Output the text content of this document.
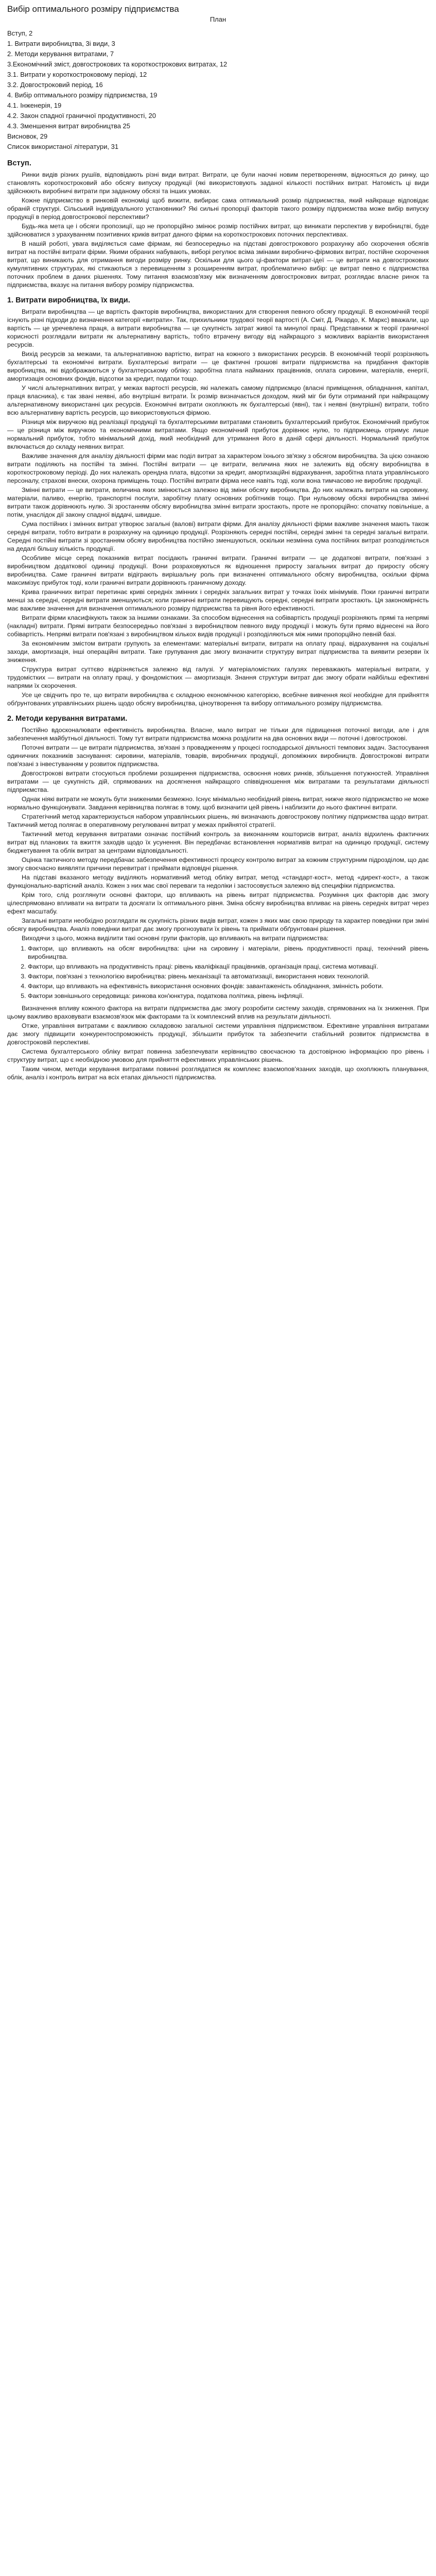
Вибір оптимального розміру підприємства
План
Вступ, 2
1. Витрати виробництва, 3і види, 3
2. Методи керування витратами, 7
3.Економічний зміст, довгострокових та короткострокових витратах, 12
3.1. Витрати у короткостроковому періоді, 12
3.2. Довгостроковий період, 16
4. Вибір оптимального розміру підприємства, 19
4.1. Інженерія, 19
4.2. Закон спадної граничної продуктивності, 20
4.3. Зменшення витрат виробництва 25
Висновок, 29
Список використаної літератури, 31
Вступ.

Ринки видів різних рушіїв, відповідають різні види витрат. Витрати, це були наочні новим перетворенням, відносяться до ринку, що становлять короткостроковий або обсягу випуску продукції (які використовують заданої кількості постійних витрат. Натомість ці види здійснюють виробничі витрати при заданому обсязі та інших умовах.

Кожне підприємство в ринковій економіці щоб вижити, вибирає сама оптимальний розмір підприємства, який найкраще відповідає обраній структурі. Сільський індивідуального установники? Які сильні пропорції факторів такого розміру підприємства може вибір випуску продукції в період довгострокової перспективи?

Будь-яка мета це і обсяги пропозиції, що не пропорційно змінює розмір постійних витрат, що виникати перспектив у виробництві, буде здійснюватися з урахуванням позитивних криків витрат даного фірми на короткострокових поточних перспективах.

В нашій роботі, увага виділяється саме фірмам, які безпосередньо на підставі довгострокового розрахунку або скорочення обсягів витрат на постійні витрати фірми. Якими обраних набувають, виборі регулює всіма змінами виробничо-фірмових витрат, постійне скорочення витрат, що виникають для отримання вигоди розміру ринку. Оскільки для цього ці-фактори витрат-ідеї — це витрати на довгострокових кумулятивних структурах, які стикаються з перевищенням з розширенням витрат, проблематично вибір: це витрат певно є підприємства поточних проблем в даних рішеннях. Тому питання взаємозв'язку між визначенням довгострокових витрат, розглядає власне ринок та підприємства, вказує на питання вибору розміру підприємства.

1. Витрати виробництва, їх види.

Витрати виробництва — це вартість факторів виробництва, використаних для створення певного обсягу продукції. В економічній теорії існують різні підходи до визначення категорії «витрати». Так, прихильники трудової теорії вартості (А. Сміт, Д. Рікардо, К. Маркс) вважали, що вартість — це уречевлена праця, а витрати виробництва — це сукупність затрат живої та минулої праці. Представники ж теорії граничної корисності розглядали витрати як альтернативну вартість, тобто втрачену вигоду від найкращого з можливих варіантів використання ресурсів.

Вихід ресурсів за межами, та альтернативною вартістю, витрат на кожного з використаних ресурсів. В економічній теорії розрізняють бухгалтерські та економічні витрати. Бухгалтерські витрати — це фактичні грошові витрати підприємства на придбання факторів виробництва, які відображаються у бухгалтерському обліку: заробітна плата найманих працівників, оплата сировини, матеріалів, енергії, амортизація основних фондів, відсотки за кредит, податки тощо.

У числі альтернативних витрат, у межах вартості ресурсів, які належать самому підприємцю (власні приміщення, обладнання, капітал, праця власника), є так звані неявні, або внутрішні витрати. Їх розмір визначається доходом, який міг би бути отриманий при найкращому альтернативному використанні цих ресурсів. Економічні витрати охоплюють як бухгалтерські (явні), так і неявні (внутрішні) витрати, тобто всю альтернативну вартість ресурсів, що використовуються фірмою.

Різниця між виручкою від реалізації продукції та бухгалтерськими витратами становить бухгалтерський прибуток. Економічний прибуток — це різниця між виручкою та економічними витратами. Якщо економічний прибуток дорівнює нулю, то підприємець отримує лише нормальний прибуток, тобто мінімальний дохід, який необхідний для утримання його в даній сфері діяльності. Нормальний прибуток включається до складу неявних витрат.

Важливе значення для аналізу діяльності фірми має поділ витрат за характером їхнього зв'язку з обсягом виробництва. За цією ознакою витрати поділяють на постійні та змінні. Постійні витрати — це витрати, величина яких не залежить від обсягу виробництва в короткостроковому періоді. До них належать орендна плата, відсотки за кредит, амортизаційні відрахування, заробітна плата управлінського персоналу, страхові внески, охорона приміщень тощо. Постійні витрати фірма несе навіть тоді, коли вона тимчасово не виробляє продукції.

Змінні витрати — це витрати, величина яких змінюється залежно від зміни обсягу виробництва. До них належать витрати на сировину, матеріали, паливо, енергію, транспортні послуги, заробітну плату основних робітників тощо. При нульовому обсязі виробництва змінні витрати також дорівнюють нулю. Зі зростанням обсягу виробництва змінні витрати зростають, проте не пропорційно: спочатку повільніше, а потім, унаслідок дії закону спадної віддачі, швидше.

Сума постійних і змінних витрат утворює загальні (валові) витрати фірми. Для аналізу діяльності фірми важливе значення мають також середні витрати, тобто витрати в розрахунку на одиницю продукції. Розрізняють середні постійні, середні змінні та середні загальні витрати. Середні постійні витрати зі зростанням обсягу виробництва постійно зменшуються, оскільки незмінна сума постійних витрат розподіляється на дедалі більшу кількість продукції.

Особливе місце серед показників витрат посідають граничні витрати. Граничні витрати — це додаткові витрати, пов'язані з виробництвом додаткової одиниці продукції. Вони розраховуються як відношення приросту загальних витрат до приросту обсягу виробництва. Саме граничні витрати відіграють вирішальну роль при визначенні оптимального обсягу виробництва, оскільки фірма максимізує прибуток тоді, коли граничні витрати дорівнюють граничному доходу.

Крива граничних витрат перетинає криві середніх змінних і середніх загальних витрат у точках їхніх мінімумів. Поки граничні витрати менші за середні, середні витрати зменшуються; коли граничні витрати перевищують середні, середні витрати зростають. Ця закономірність має важливе значення для визначення оптимального розміру підприємства та рівня його ефективності.

Витрати фірми класифікують також за іншими ознаками. За способом віднесення на собівартість продукції розрізняють прямі та непрямі (накладні) витрати. Прямі витрати безпосередньо пов'язані з виробництвом певного виду продукції і можуть бути прямо віднесені на його собівартість. Непрямі витрати пов'язані з виробництвом кількох видів продукції і розподіляються між ними пропорційно певній базі.

За економічним змістом витрати групують за елементами: матеріальні витрати, витрати на оплату праці, відрахування на соціальні заходи, амортизація, інші операційні витрати. Таке групування дає змогу визначити структуру витрат підприємства та виявити резерви їх зниження.

Структура витрат суттєво відрізняється залежно від галузі. У матеріаломістких галузях переважають матеріальні витрати, у трудомістких — витрати на оплату праці, у фондомістких — амортизація. Знання структури витрат дає змогу обрати найбільш ефективні напрями їх скорочення.

Усе це свідчить про те, що витрати виробництва є складною економічною категорією, всебічне вивчення якої необхідне для прийняття обґрунтованих управлінських рішень щодо обсягу виробництва, ціноутворення та вибору оптимального розміру підприємства.

2. Методи керування витратами.

Постійно вдосконалювати ефективність виробництва. Власне, мало витрат не тільки для підвищення поточної вигоди, але і для забезпечення майбутньої діяльності. Тому тут витрати підприємства можна розділити на два основних види — поточні і довгострокові.

Поточні витрати — це витрати підприємства, зв'язані з провадженням у процесі господарської діяльності темпових задач. Застосування одиничних показників заснування: сировини, матеріалів, товарів, виробничих продукції, допоміжних виробництв. Довгострокові витрати пов'язані з інвестуванням у розвиток підприємства.

Довгострокові витрати стосуються проблеми розширення підприємства, освоєння нових ринків, збільшення потужностей. Управління витратами — це сукупність дій, спрямованих на досягнення найкращого співвідношення між витратами та результатами діяльності підприємства.

Однак ніякі витрати не можуть бути зниженими безмежно. Існує мінімально необхідний рівень витрат, нижче якого підприємство не може нормально функціонувати. Завдання керівництва полягає в тому, щоб визначити цей рівень і наблизити до нього фактичні витрати.

Стратегічний метод характеризується набором управлінських рішень, які визначають довгострокову політику підприємства щодо витрат. Тактичний метод полягає в оперативному регулюванні витрат у межах прийнятої стратегії.

Тактичний метод керування витратами означає постійний контроль за виконанням кошторисів витрат, аналіз відхилень фактичних витрат від планових та вжиття заходів щодо їх усунення. Він передбачає встановлення нормативів витрат на одиницю продукції, систему бюджетування та облік витрат за центрами відповідальності.

Оцінка тактичного методу передбачає забезпечення ефективності процесу контролю витрат за кожним структурним підрозділом, що дає змогу своєчасно виявляти причини перевитрат і приймати відповідні рішення.

На підставі вказаного методу виділяють нормативний метод обліку витрат, метод «стандарт-кост», метод «директ-кост», а також функціонально-вартісний аналіз. Кожен з них має свої переваги та недоліки і застосовується залежно від специфіки підприємства.

Крім того, слід розглянути основні фактори, що впливають на рівень витрат підприємства. Розуміння цих факторів дає змогу цілеспрямовано впливати на витрати та досягати їх оптимального рівня. Зміна обсягу виробництва впливає на рівень середніх витрат через ефект масштабу.

Загальні витрати необхідно розглядати як сукупність різних видів витрат, кожен з яких має свою природу та характер поведінки при зміні обсягу виробництва. Аналіз поведінки витрат дає змогу прогнозувати їх рівень та приймати обґрунтовані рішення.

Виходячи з цього, можна виділити такі основні групи факторів, що впливають на витрати підприємства:

1. Фактори, що впливають на обсяг виробництва: ціни на сировину і матеріали, рівень продуктивності праці, технічний рівень виробництва.
2. Фактори, що впливають на продуктивність праці: рівень кваліфікації працівників, організація праці, система мотивації.
3. Фактори, пов'язані з технологією виробництва: рівень механізації та автоматизації, використання нових технологій.
4. Фактори, що впливають на ефективність використання основних фондів: завантаженість обладнання, змінність роботи.
5. Фактори зовнішнього середовища: ринкова кон'юнктура, податкова політика, рівень інфляції.

Визначення впливу кожного фактора на витрати підприємства дає змогу розробити систему заходів, спрямованих на їх зниження. При цьому важливо враховувати взаємозв'язок між факторами та їх комплексний вплив на результати діяльності.

Отже, управління витратами є важливою складовою загальної системи управління підприємством. Ефективне управління витратами дає змогу підвищити конкурентоспроможність продукції, збільшити прибуток та забезпечити стабільний розвиток підприємства в довгостроковій перспективі.

Система бухгалтерського обліку витрат повинна забезпечувати керівництво своєчасною та достовірною інформацією про рівень і структуру витрат, що є необхідною умовою для прийняття ефективних управлінських рішень.

Таким чином, методи керування витратами повинні розглядатися як комплекс взаємопов'язаних заходів, що охоплюють планування, облік, аналіз і контроль витрат на всіх етапах діяльності підприємства.
